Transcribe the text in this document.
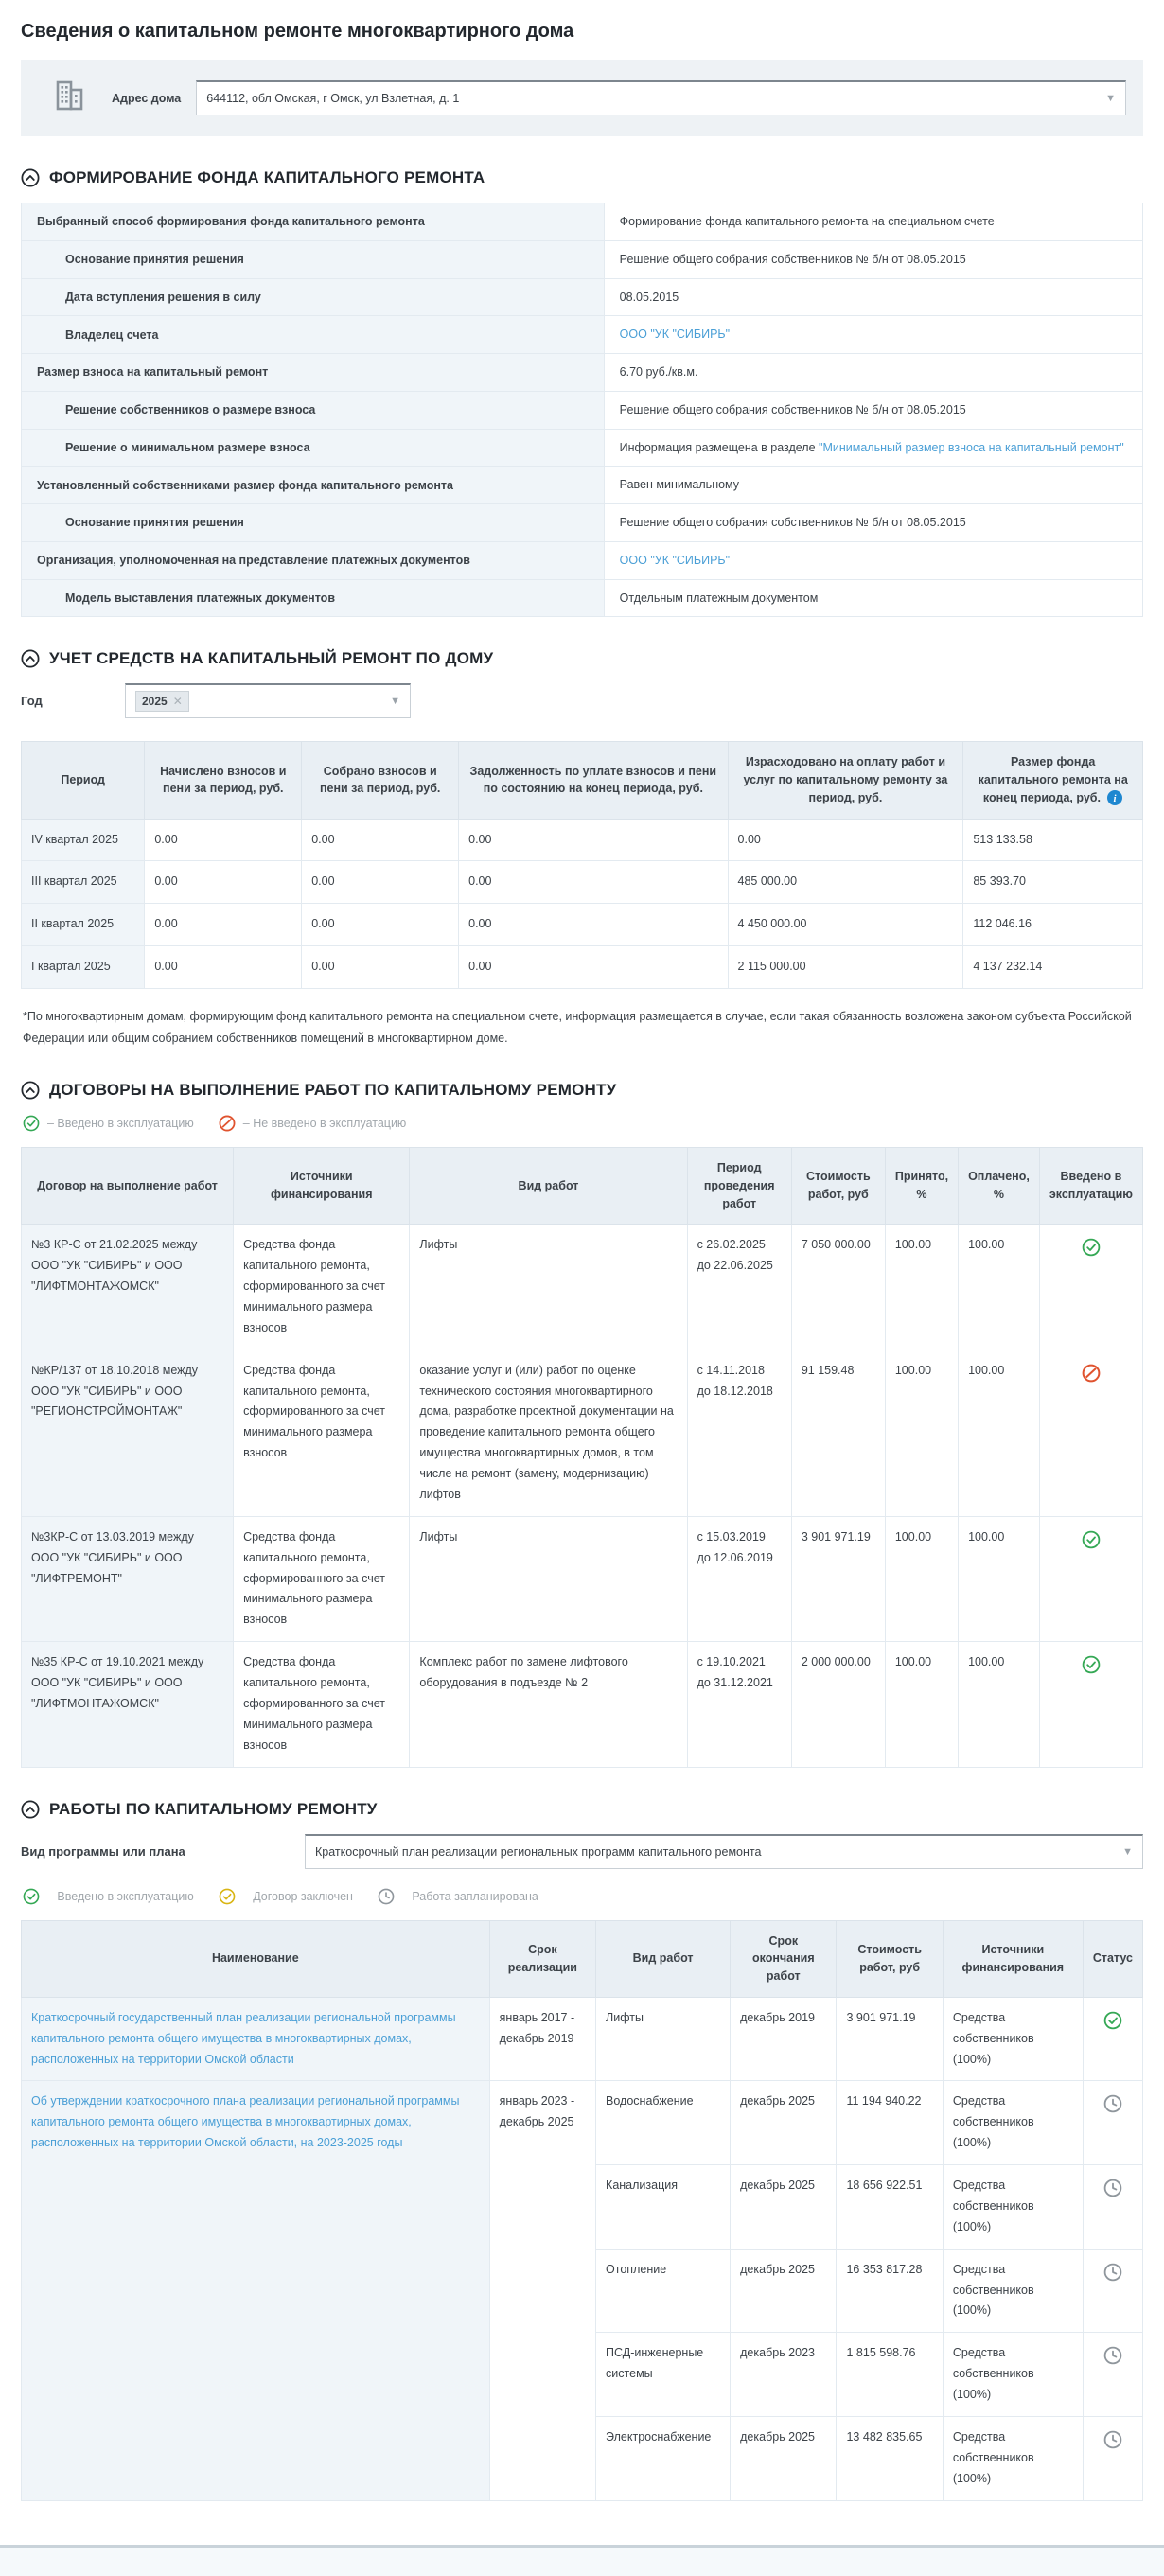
Сведения о капитальном ремонте многоквартирного дома
Адрес дома 644112, обл Омская, г Омск, ул Взлетная, д. 1	▼
ФОРМИРОВАНИЕ ФОНДА КАПИТАЛЬНОГО РЕМОНТА
Выбранный способ формирования фонда капитального ремонта	Формирование фонда капитального ремонта на специальном счете
Основание принятия решения	Решение общего собрания собственников № б/н от 08.05.2015
Дата вступления решения в силу	08.05.2015
Владелец счета	ООО "УК "СИБИРЬ"
Размер взноса на капитальный ремонт	6.70 руб./кв.м.
Решение собственников о размере взноса	Решение общего собрания собственников № б/н от 08.05.2015
Решение о минимальном размере взноса	Информация размещена в разделе
"Минимальный размер взноса на капитальный ремонт"
Установленный собственниками размер фонда капитального ремонта	Равен минимальному
Основание принятия решения	Решение общего собрания собственников № б/н от 08.05.2015
Организация, уполномоченная на представление платежных документов	ООО "УК "СИБИРЬ"
Модель выставления платежных документов	Отдельным платежным документом
УЧЕТ СРЕДСТВ НА КАПИТАЛЬНЫЙ РЕМОНТ ПО ДОМУ
Год	2025 ✕	▼
Период	Начислено взносов и пени за период, руб.	Собрано взносов и пени за период, руб.	Задолженность по уплате взносов и пени по состоянию на конец периода, руб.	Израсходовано на оплату работ и услуг по капитальному ремонту за период, руб.	Размер фонда капитального ремонта на конец периода, руб. i

IV квартал 2025	0.00	0.00	0.00	0.00	513 133.58
III квартал 2025	0.00	0.00	0.00	485 000.00	85 393.70
II квартал 2025	0.00	0.00	0.00	4 450 000.00	112 046.16
I квартал 2025	0.00	0.00	0.00	2 115 000.00	4 137 232.14
*По многоквартирным домам, формирующим фонд капитального ремонта на специальном счете, информация размещается в случае, если такая обязанность возложена законом субъекта Российской Федерации или общим собранием собственников помещений в многоквартирном доме.
ДОГОВОРЫ НА ВЫПОЛНЕНИЕ РАБОТ ПО КАПИТАЛЬНОМУ РЕМОНТУ
– Введено в эксплуатацию	– Не введено в эксплуатацию
Договор на выполнение работ	Источники финансирования	Вид работ	Период проведения работ	Стоимость работ, руб	Принято, %	Оплачено, %	Введено в эксплуатацию
№3 КР-С от 21.02.2025 между ООО "УК "СИБИРЬ" и ООО "ЛИФТМОНТАЖОМСК"	Средства фонда капитального ремонта, сформированного за счет минимального размера взносов	Лифты	с 26.02.2025
до 22.06.2025	7 050 000.00	100.00	100.00	
№КР/137 от 18.10.2018 между ООО "УК "СИБИРЬ" и ООО "РЕГИОНСТРОЙМОНТАЖ"	Средства фонда капитального ремонта, сформированного за счет минимального размера взносов	оказание услуг и (или) работ по оценке технического состояния многоквартирного дома, разработке проектной документации на проведение капитального ремонта общего имущества многоквартирных домов, в том числе на ремонт (замену, модернизацию) лифтов	с 14.11.2018
до 18.12.2018	91 159.48	100.00	100.00	
№3КР-С от 13.03.2019 между ООО "УК "СИБИРЬ" и ООО "ЛИФТРЕМОНТ"	Средства фонда капитального ремонта, сформированного за счет минимального размера взносов	Лифты	с 15.03.2019
до 12.06.2019	3 901 971.19	100.00	100.00	
№35 КР-С от 19.10.2021 между ООО "УК "СИБИРЬ" и ООО "ЛИФТМОНТАЖОМСК"	Средства фонда капитального ремонта, сформированного за счет минимального размера взносов	Комплекс работ по замене лифтового оборудования в подъезде № 2	с 19.10.2021
до 31.12.2021	2 000 000.00	100.00	100.00	
РАБОТЫ ПО КАПИТАЛЬНОМУ РЕМОНТУ
Вид программы или плана	Краткосрочный план реализации региональных программ капитального ремонта	▼
– Введено в эксплуатацию	– Договор заключен	– Работа запланирована
Наименование	Срок реализации	Вид работ	Срок окончания работ	Стоимость работ, руб	Источники финансирования	Статус
Краткосрочный государственный план реализации региональной программы капитального ремонта общего имущества в многоквартирных домах, расположенных на территории Омской области	январь 2017 - декабрь 2019	Лифты	декабрь 2019	3 901 971.19	Средства собственников (100%)	
Об утверждении краткосрочного плана реализации региональной программы капитального ремонта общего имущества в многоквартирных домах, расположенных на территории Омской области, на 2023-2025 годы	январь 2023 - декабрь 2025	Водоснабжение	декабрь 2025	11 194 940.22	Средства собственников (100%)	
		Канализация	декабрь 2025	18 656 922.51	Средства собственников (100%)	
		Отопление	декабрь 2025	16 353 817.28	Средства собственников (100%)	
		ПСД-инженерные системы	декабрь 2023	1 815 598.76	Средства собственников (100%)	
		Электроснабжение	декабрь 2025	13 482 835.65	Средства собственников (100%)	
